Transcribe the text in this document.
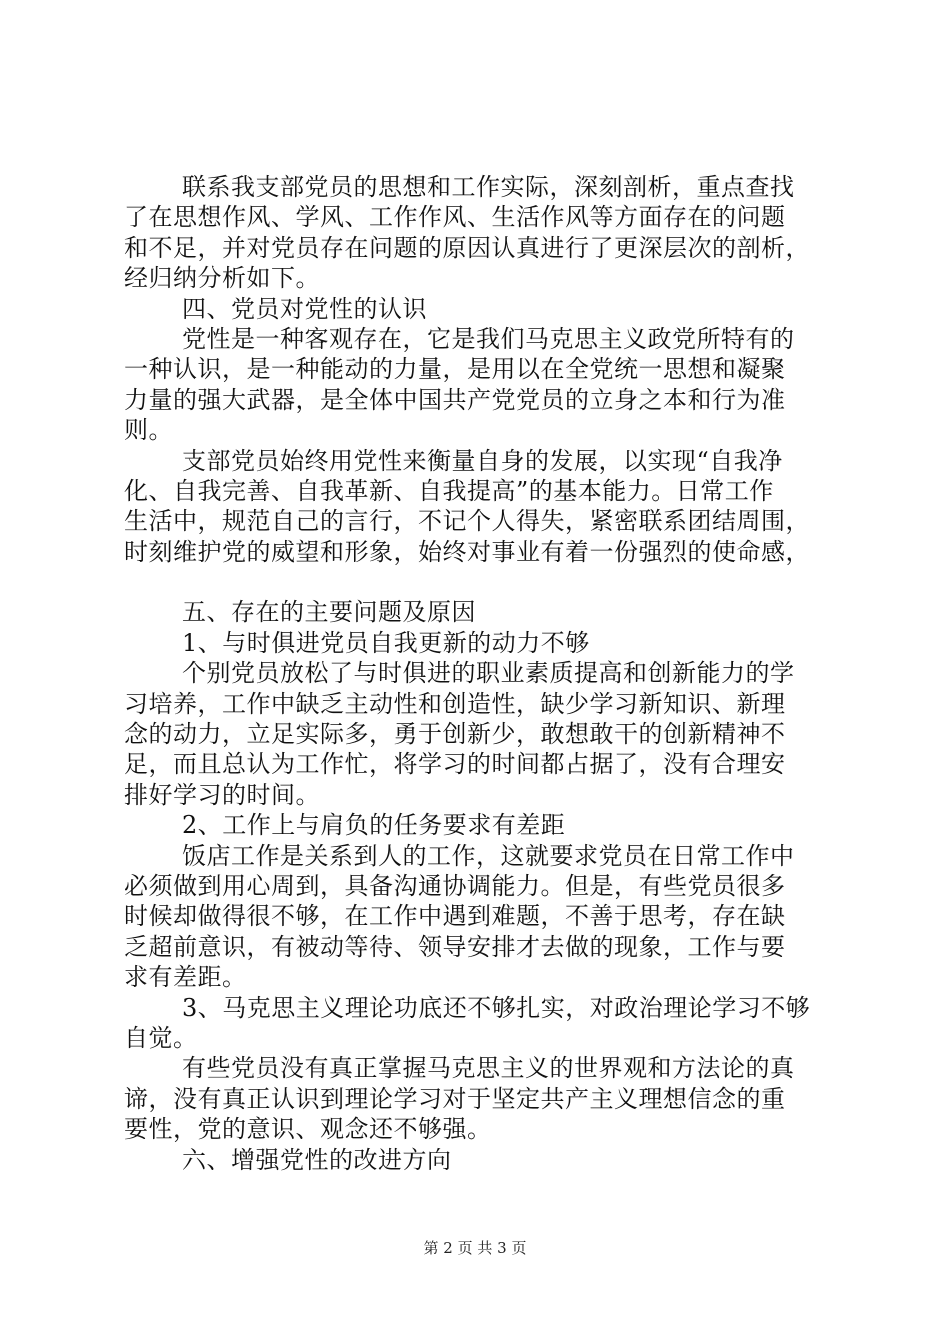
联系我支部党员的思想和工作实际，深刻剖析，重点查找
了在思想作风、学风、工作作风、生活作风等方面存在的问题
和不足，并对党员存在问题的原因认真进行了更深层次的剖析，
经归纳分析如下。
四、党员对党性的认识
党性是一种客观存在，它是我们马克思主义政党所特有的
一种认识，是一种能动的力量，是用以在全党统一思想和凝聚
力量的强大武器，是全体中国共产党党员的立身之本和行为准
则。
支部党员始终用党性来衡量自身的发展，以实现“自我净
化、自我完善、自我革新、自我提高”的基本能力。日常工作
生活中，规范自己的言行，不记个人得失，紧密联系团结周围，
时刻维护党的威望和形象，始终对事业有着一份强烈的使命感，
五、存在的主要问题及原因
1、与时俱进党员自我更新的动力不够
个别党员放松了与时俱进的职业素质提高和创新能力的学
习培养，工作中缺乏主动性和创造性，缺少学习新知识、新理
念的动力，立足实际多，勇于创新少，敢想敢干的创新精神不
足，而且总认为工作忙，将学习的时间都占据了，没有合理安
排好学习的时间。
2、工作上与肩负的任务要求有差距
饭店工作是关系到人的工作，这就要求党员在日常工作中
必须做到用心周到，具备沟通协调能力。但是，有些党员很多
时候却做得很不够，在工作中遇到难题，不善于思考，存在缺
乏超前意识，有被动等待、领导安排才去做的现象，工作与要
求有差距。
3、马克思主义理论功底还不够扎实，对政治理论学习不够
自觉。
有些党员没有真正掌握马克思主义的世界观和方法论的真
谛，没有真正认识到理论学习对于坚定共产主义理想信念的重
要性，党的意识、观念还不够强。
六、增强党性的改进方向
第 2 页 共 3 页
